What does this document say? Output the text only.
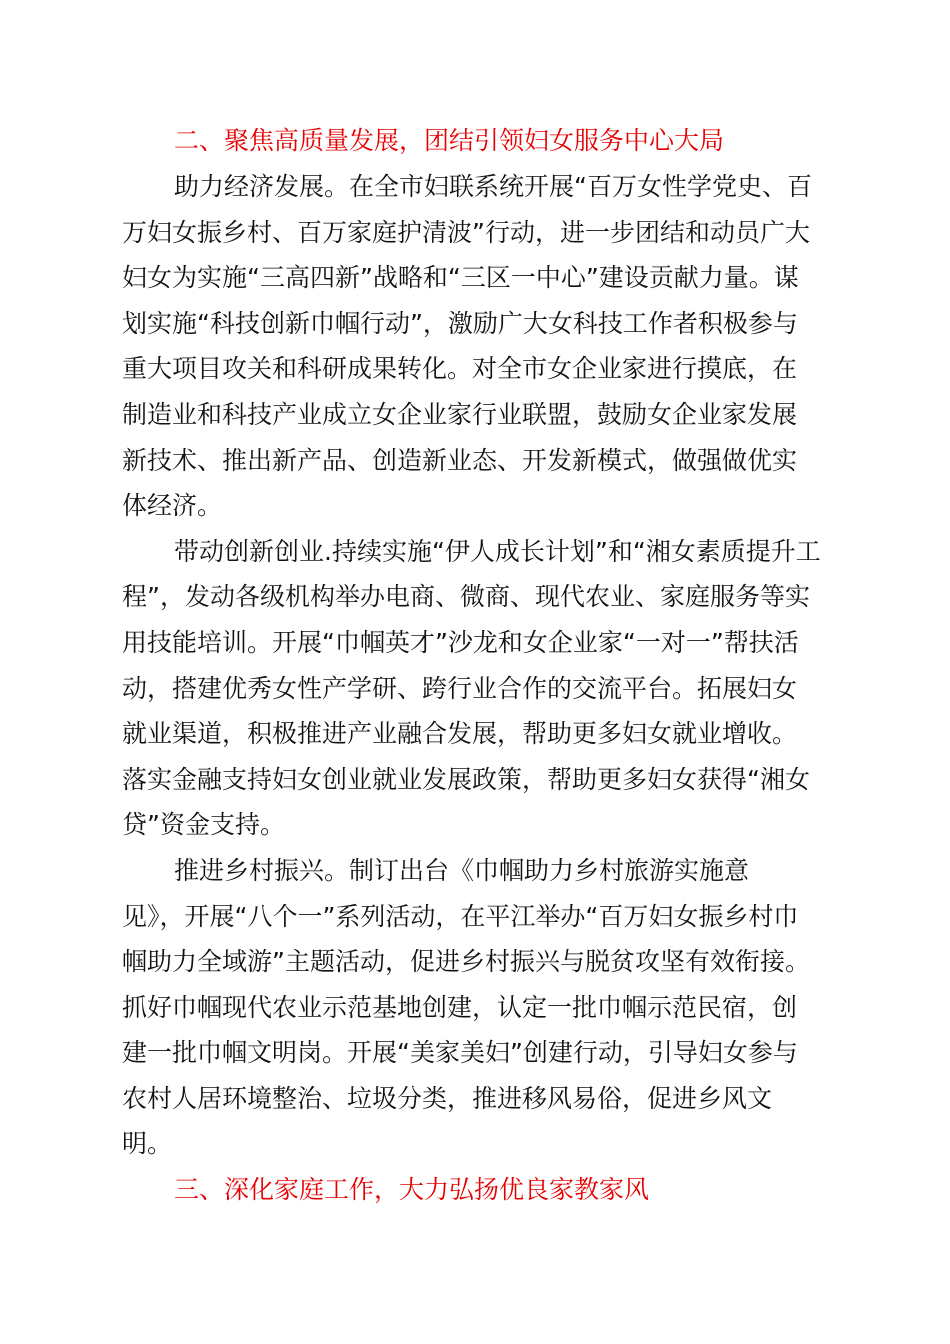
二、聚焦高质量发展，团结引领妇女服务中心大局

助力经济发展。在全市妇联系统开展“百万女性学党史、百
万妇女振乡村、百万家庭护清波”行动，进一步团结和动员广大
妇女为实施“三高四新”战略和“三区一中心”建设贡献力量。谋
划实施“科技创新巾帼行动”，激励广大女科技工作者积极参与
重大项目攻关和科研成果转化。对全市女企业家进行摸底，在
制造业和科技产业成立女企业家行业联盟，鼓励女企业家发展
新技术、推出新产品、创造新业态、开发新模式，做强做优实
体经济。
带动创新创业.持续实施“伊人成长计划”和“湘女素质提升工
程”，发动各级机构举办电商、微商、现代农业、家庭服务等实
用技能培训。开展“巾帼英才”沙龙和女企业家“一对一”帮扶活
动，搭建优秀女性产学研、跨行业合作的交流平台。拓展妇女
就业渠道，积极推进产业融合发展，帮助更多妇女就业增收。
落实金融支持妇女创业就业发展政策，帮助更多妇女获得“湘女
贷”资金支持。
推进乡村振兴。制订出台《巾帼助力乡村旅游实施意
见》，开展“八个一”系列活动，在平江举办“百万妇女振乡村巾
帼助力全域游”主题活动，促进乡村振兴与脱贫攻坚有效衔接。
抓好巾帼现代农业示范基地创建，认定一批巾帼示范民宿，创
建一批巾帼文明岗。开展“美家美妇”创建行动，引导妇女参与
农村人居环境整治、垃圾分类，推进移风易俗，促进乡风文
明。

三、深化家庭工作，大力弘扬优良家教家风
